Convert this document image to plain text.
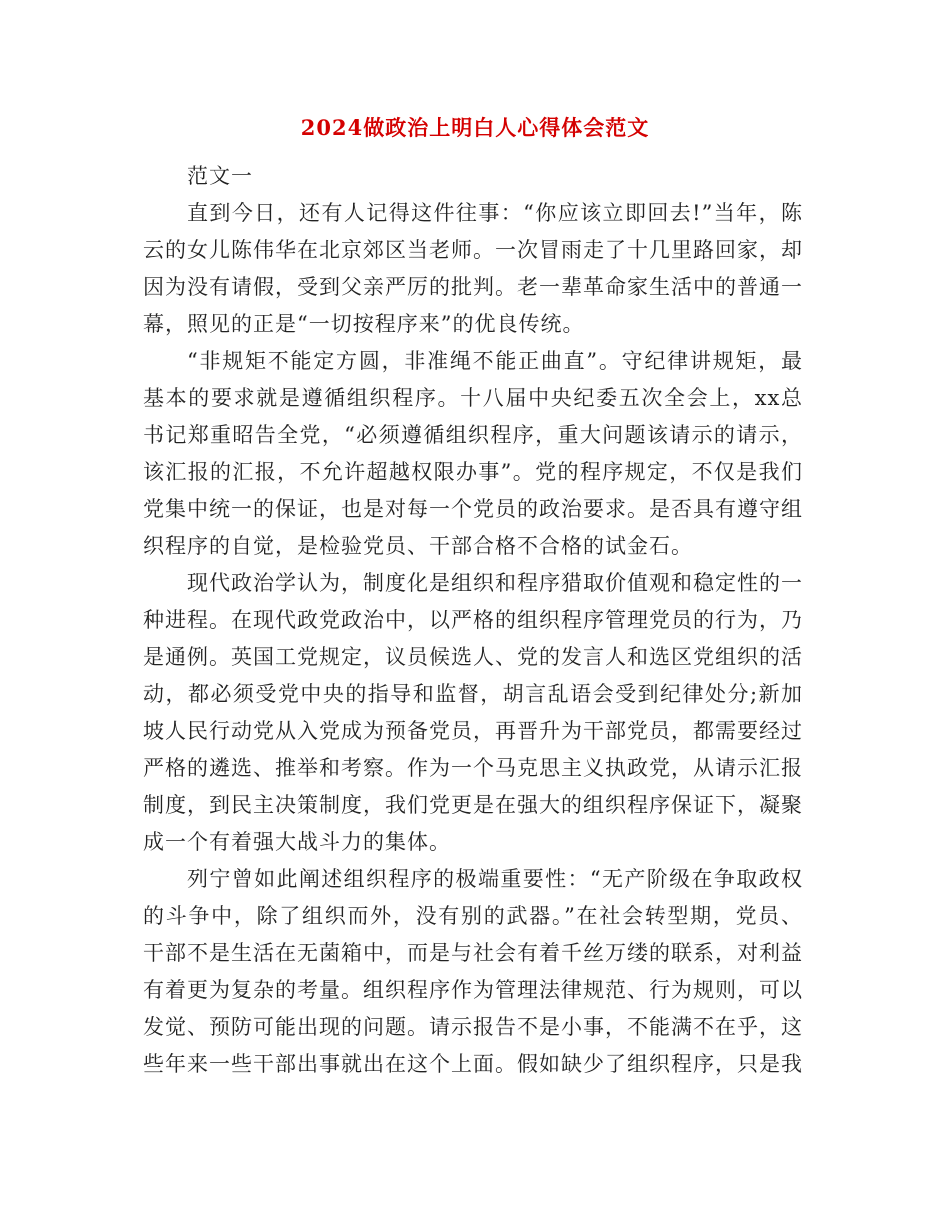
2024做政治上明白人心得体会范文

范文一

直到今日，还有人记得这件往事：“你应该立即回去!”当年，陈云的女儿陈伟华在北京郊区当老师。一次冒雨走了十几里路回家，却因为没有请假，受到父亲严厉的批判。老一辈革命家生活中的普通一幕，照见的正是“一切按程序来”的优良传统。

“非规矩不能定方圆，非准绳不能正曲直”。守纪律讲规矩，最基本的要求就是遵循组织程序。十八届中央纪委五次全会上，xx总书记郑重昭告全党，“必须遵循组织程序，重大问题该请示的请示，该汇报的汇报，不允许超越权限办事”。党的程序规定，不仅是我们党集中统一的保证，也是对每一个党员的政治要求。是否具有遵守组织程序的自觉，是检验党员、干部合格不合格的试金石。

现代政治学认为，制度化是组织和程序猎取价值观和稳定性的一种进程。在现代政党政治中，以严格的组织程序管理党员的行为，乃是通例。英国工党规定，议员候选人、党的发言人和选区党组织的活动，都必须受党中央的指导和监督，胡言乱语会受到纪律处分;新加坡人民行动党从入党成为预备党员，再晋升为干部党员，都需要经过严格的遴选、推举和考察。作为一个马克思主义执政党，从请示汇报制度，到民主决策制度，我们党更是在强大的组织程序保证下，凝聚成一个有着强大战斗力的集体。

列宁曾如此阐述组织程序的极端重要性：“无产阶级在争取政权的斗争中，除了组织而外，没有别的武器。”在社会转型期，党员、干部不是生活在无菌箱中，而是与社会有着千丝万缕的联系，对利益有着更为复杂的考量。组织程序作为管理法律规范、行为规则，可以发觉、预防可能出现的问题。请示报告不是小事，不能满不在乎，这些年来一些干部出事就出在这个上面。假如缺少了组织程序，只是我
